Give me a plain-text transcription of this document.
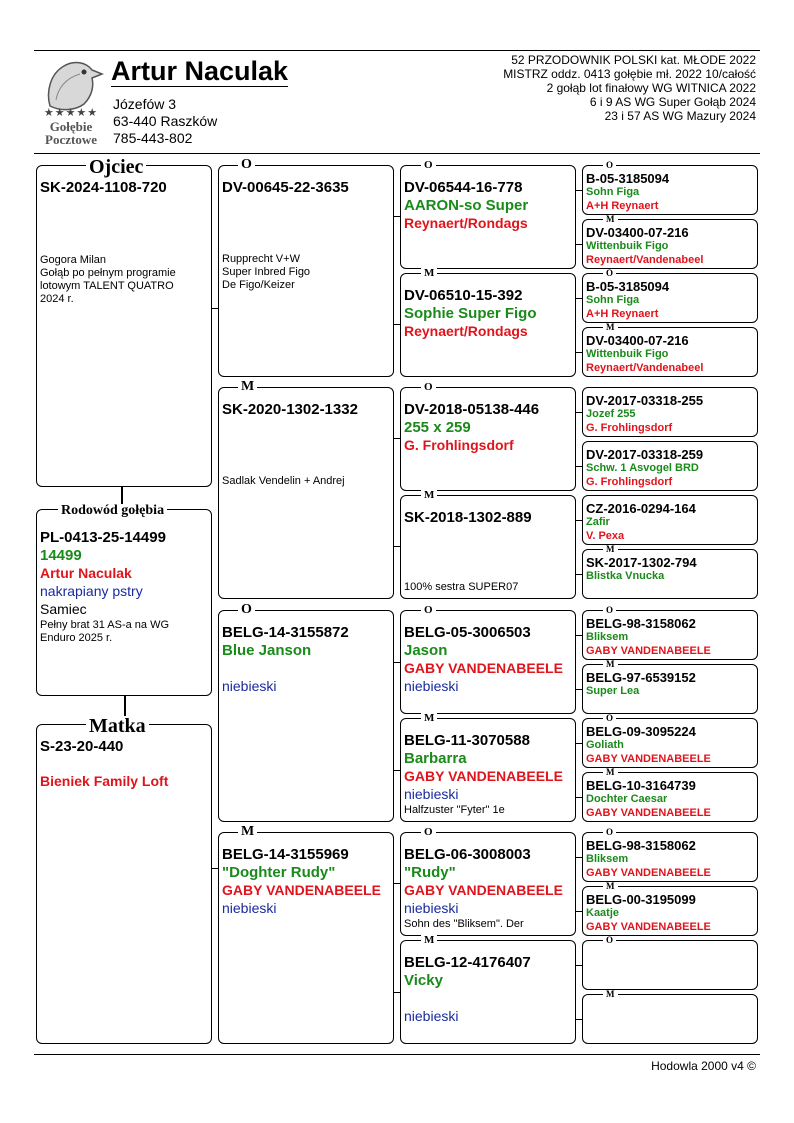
★★★★★
Gołębie
Pocztowe
Artur Naculak
Józefów 3
63-440 Raszków
785-443-802
52 PRZODOWNIK POLSKI kat. MŁODE 2022
MISTRZ oddz. 0413 gołębie mł. 2022 10/całość
2 gołąb lot finałowy WG WITNICA 2022
6 i 9 AS WG Super Gołąb 2024
23 i 57 AS WG Mazury 2024
SK-2024-1108-720
Gogora Milan
Gołąb po pełnym programie
lotowym TALENT QUATRO
2024 r.
Ojciec
PL-0413-25-14499
14499
Artur Naculak
nakrapiany pstry
Samiec
Pełny brat 31 AS-a na WG
Enduro 2025 r.
Rodowód gołębia
S-23-20-440
Bieniek Family Loft
Matka
DV-00645-22-3635
Rupprecht V+W
Super Inbred Figo
De Figo/Keizer
O
SK-2020-1302-1332
Sadlak Vendelin + Andrej
M
BELG-14-3155872
Blue Janson
niebieski
O
BELG-14-3155969
"Doghter Rudy"
GABY VANDENABEELE
niebieski
M
DV-06544-16-778
AARON-so Super
Reynaert/Rondags
O
DV-06510-15-392
Sophie Super Figo
Reynaert/Rondags
M
DV-2018-05138-446
255 x 259
G. Frohlingsdorf
O
SK-2018-1302-889
100% sestra SUPER07
M
BELG-05-3006503
Jason
GABY VANDENABEELE
niebieski
O
BELG-11-3070588
Barbarra
GABY VANDENABEELE
niebieski
Halfzuster "Fyter" 1e
M
BELG-06-3008003
"Rudy"
GABY VANDENABEELE
niebieski
Sohn des "Bliksem". Der
O
BELG-12-4176407
Vicky
niebieski
M
B-05-3185094
Sohn Figa
A+H Reynaert
O
DV-03400-07-216
Wittenbuik Figo
Reynaert/Vandenabeel
M
B-05-3185094
Sohn Figa
A+H Reynaert
O
DV-03400-07-216
Wittenbuik Figo
Reynaert/Vandenabeel
M
DV-2017-03318-255
Jozef 255
G. Frohlingsdorf
DV-2017-03318-259
Schw. 1 Asvogel BRD
G. Frohlingsdorf
CZ-2016-0294-164
Zafir
V. Pexa
SK-2017-1302-794
Blistka Vnucka
M
BELG-98-3158062
Bliksem
GABY VANDENABEELE
O
BELG-97-6539152
Super Lea
M
BELG-09-3095224
Goliath
GABY VANDENABEELE
O
BELG-10-3164739
Dochter Caesar
GABY VANDENABEELE
M
BELG-98-3158062
Bliksem
GABY VANDENABEELE
O
BELG-00-3195099
Kaatje
GABY VANDENABEELE
M
O
M
Hodowla 2000 v4 ©
